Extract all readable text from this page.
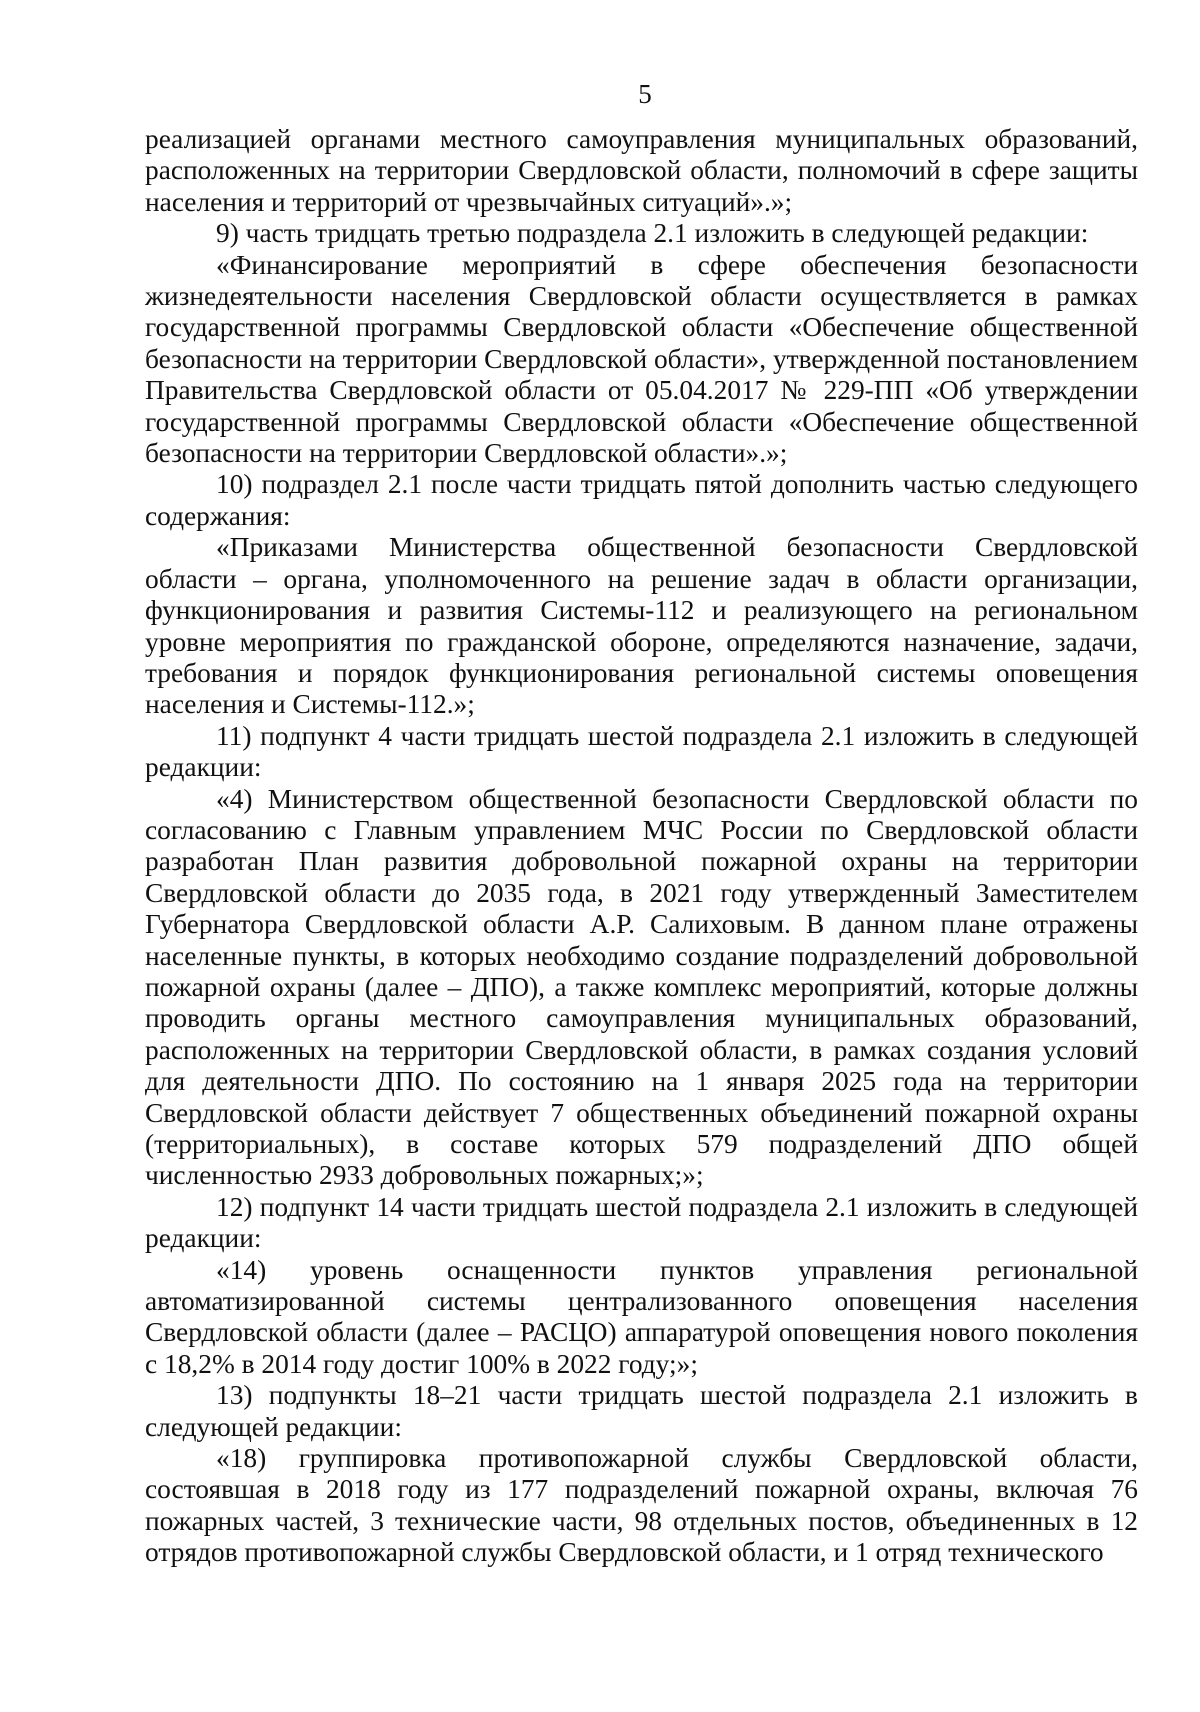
5

реализацией органами местного самоуправления муниципальных образований, расположенных на территории Свердловской области, полномочий в сфере защиты населения и территорий от чрезвычайных ситуаций».»;

9) часть тридцать третью подраздела 2.1 изложить в следующей редакции:

«Финансирование мероприятий в сфере обеспечения безопасности жизнедеятельности населения Свердловской области осуществляется в рамках государственной программы Свердловской области «Обеспечение общественной безопасности на территории Свердловской области», утвержденной постановлением Правительства Свердловской области от 05.04.2017 № 229-ПП «Об утверждении государственной программы Свердловской области «Обеспечение общественной безопасности на территории Свердловской области».»;

10) подраздел 2.1 после части тридцать пятой дополнить частью следующего содержания:

«Приказами Министерства общественной безопасности Свердловской области – органа, уполномоченного на решение задач в области организации, функционирования и развития Системы-112 и реализующего на региональном уровне мероприятия по гражданской обороне, определяются назначение, задачи, требования и порядок функционирования региональной системы оповещения населения и Системы-112.»;

11) подпункт 4 части тридцать шестой подраздела 2.1 изложить в следующей редакции:

«4) Министерством общественной безопасности Свердловской области по согласованию с Главным управлением МЧС России по Свердловской области разработан План развития добровольной пожарной охраны на территории Свердловской области до 2035 года, в 2021 году утвержденный Заместителем Губернатора Свердловской области А.Р. Салиховым. В данном плане отражены населенные пункты, в которых необходимо создание подразделений добровольной пожарной охраны (далее – ДПО), а также комплекс мероприятий, которые должны проводить органы местного самоуправления муниципальных образований, расположенных на территории Свердловской области, в рамках создания условий для деятельности ДПО. По состоянию на 1 января 2025 года на территории Свердловской области действует 7 общественных объединений пожарной охраны (территориальных), в составе которых 579 подразделений ДПО общей численностью 2933 добровольных пожарных;»;

12) подпункт 14 части тридцать шестой подраздела 2.1 изложить в следующей редакции:

«14) уровень оснащенности пунктов управления региональной автоматизированной системы централизованного оповещения населения Свердловской области (далее – РАСЦО) аппаратурой оповещения нового поколения с 18,2% в 2014 году достиг 100% в 2022 году;»;

13) подпункты 18–21 части тридцать шестой подраздела 2.1 изложить в следующей редакции:

«18) группировка противопожарной службы Свердловской области, состоявшая в 2018 году из 177 подразделений пожарной охраны, включая 76 пожарных частей, 3 технические части, 98 отдельных постов, объединенных в 12 отрядов противопожарной службы Свердловской области, и 1 отряд технического
